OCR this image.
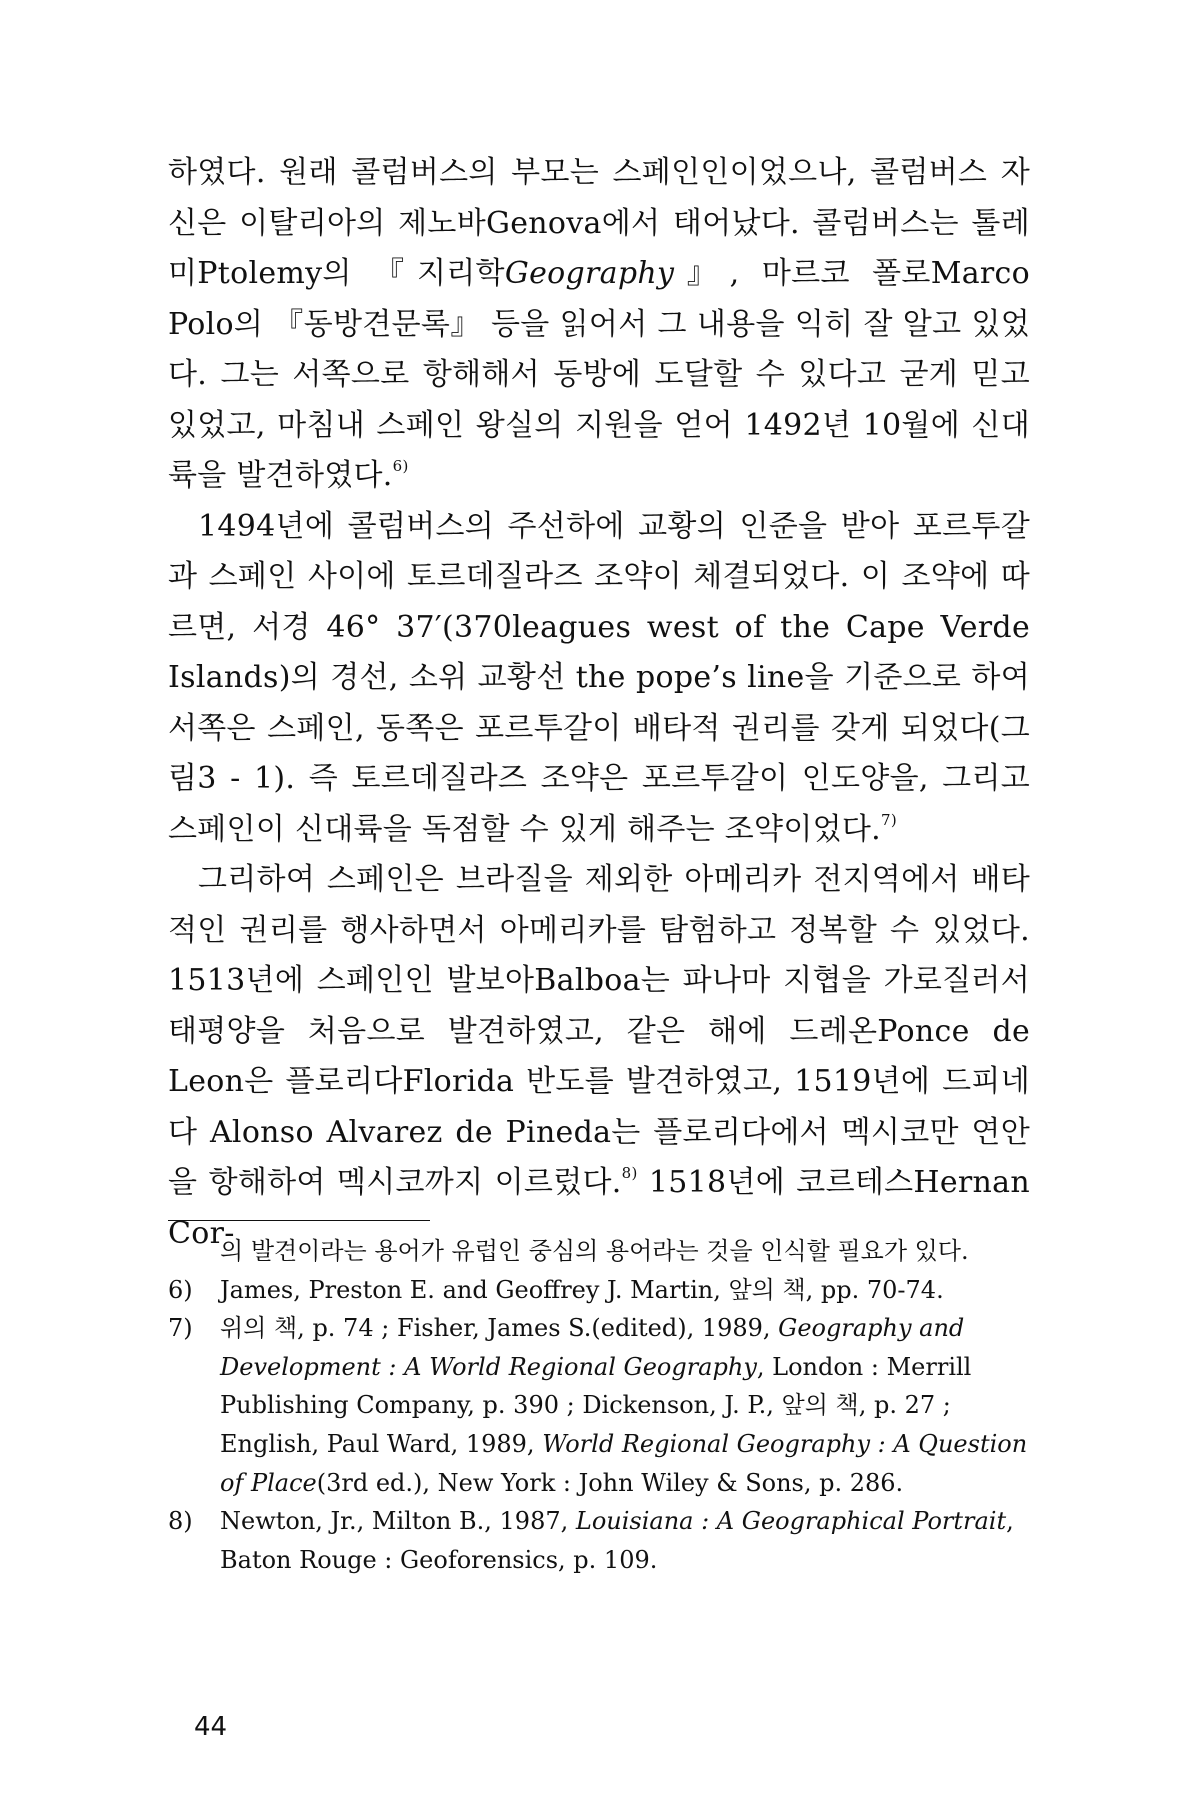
하였다. 원래 콜럼버스의 부모는 스페인인이었으나, 콜럼버스 자신은 이탈리아의 제노바Genova에서 태어났다. 콜럼버스는 톨레미Ptolemy의 『지리학Geography』, 마르코 폴로Marco Polo의 『동방견문록』 등을 읽어서 그 내용을 익히 잘 알고 있었다. 그는 서쪽으로 항해해서 동방에 도달할 수 있다고 굳게 믿고 있었고, 마침내 스페인 왕실의 지원을 얻어 1492년 10월에 신대륙을 발견하였다.$^{6)}$

1494년에 콜럼버스의 주선하에 교황의 인준을 받아 포르투갈과 스페인 사이에 토르데질라즈 조약이 체결되었다. 이 조약에 따르면, 서경 46° 37′(370leagues west of the Cape Verde Islands)의 경선, 소위 교황선 the pope’s line을 기준으로 하여 서쪽은 스페인, 동쪽은 포르투갈이 배타적 권리를 갖게 되었다(그림3 - 1). 즉 토르데질라즈 조약은 포르투갈이 인도양을, 그리고 스페인이 신대륙을 독점할 수 있게 해주는 조약이었다.$^{7)}$

그리하여 스페인은 브라질을 제외한 아메리카 전지역에서 배타적인 권리를 행사하면서 아메리카를 탐험하고 정복할 수 있었다. 1513년에 스페인인 발보아Balboa는 파나마 지협을 가로질러서 태평양을 처음으로 발견하였고, 같은 해에 드레온Ponce de Leon은 플로리다Florida 반도를 발견하였고, 1519년에 드피네다 Alonso Alvarez de Pineda는 플로리다에서 멕시코만 연안을 항해하여 멕시코까지 이르렀다.$^{8)}$ 1518년에 코르테스Hernan Cor-

의 발견이라는 용어가 유럽인 중심의 용어라는 것을 인식할 필요가 있다.

6) James, Preston E. and Geoffrey J. Martin, 앞의 책, pp. 70-74.

7) 위의 책, p. 74 ; Fisher, James S.(edited), 1989, Geography and Development : A World Regional Geography, London : Merrill Publishing Company, p. 390 ; Dickenson, J. P., 앞의 책, p. 27 ; English, Paul Ward, 1989, World Regional Geography : A Question of Place(3rd ed.), New York : John Wiley & Sons, p. 286.

8) Newton, Jr., Milton B., 1987, Louisiana : A Geographical Portrait, Baton Rouge : Geoforensics, p. 109.

44
